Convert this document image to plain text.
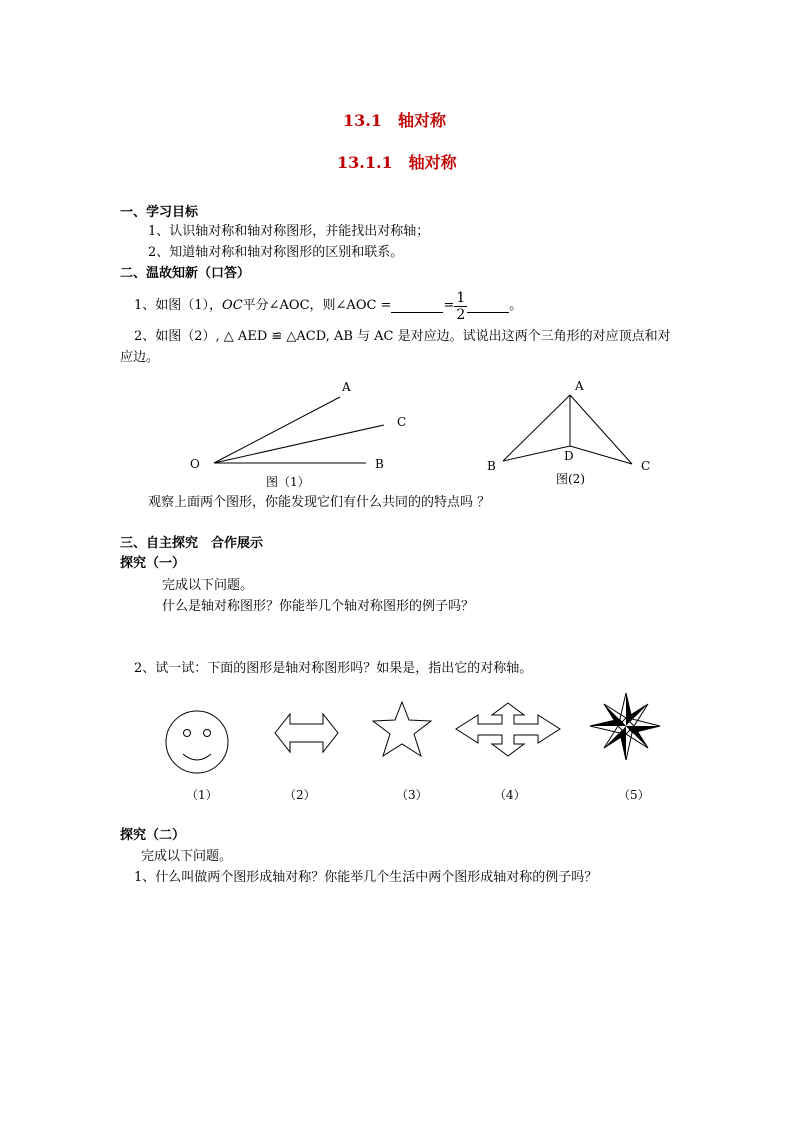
13.1　轴对称
13.1.1　轴对称
一、学习目标
1、认识轴对称和轴对称图形，并能找出对称轴；
2、知道轴对称和轴对称图形的区别和联系。
二、温故知新（口答）
1、如图（1）， OC 平分∠AOC，则∠AOC =	= $\frac{1}{2}$	。
2、如图（2）, △ AED ≌ △ACD, AB 与 AC 是对应边。试说出这两个三角形的对应顶点和对
应边。
O
A
C
B
图（1）
A
D
B	C
图(2)
观察上面两个图形，你能发现它们有什么共同的的特点吗 ？
三、自主探究　合作展示
探究（一）
完成以下问题。
什么是轴对称图形？你能举几个轴对称图形的例子吗？
2、试一试：下面的图形是轴对称图形吗？如果是，指出它的对称轴。
（1）	（2）	（3）	（4）	（5）
探究（二）
完成以下问题。
1、什么叫做两个图形成轴对称？你能举几个生活中两个图形成轴对称的例子吗？
